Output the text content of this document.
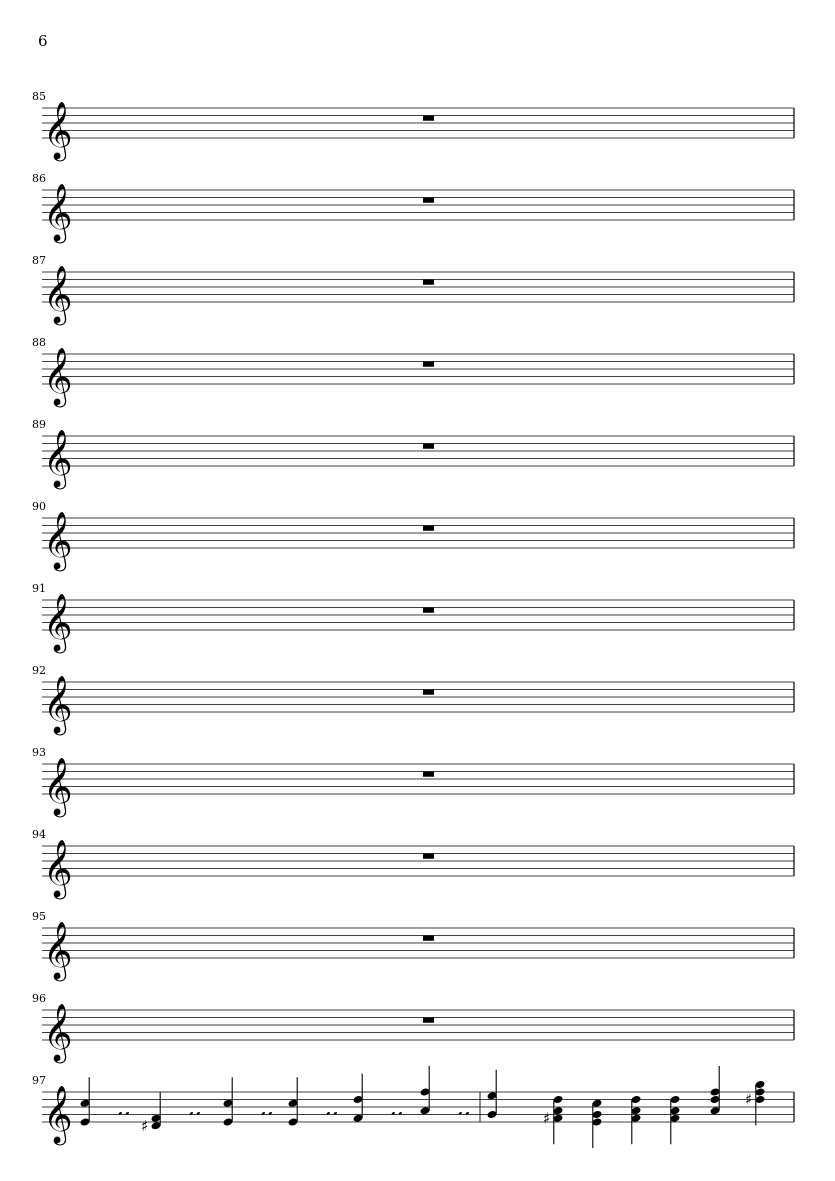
6
𝄞
85
𝄞
86
𝄞
87
𝄞
88
𝄞
89
𝄞
90
𝄞
91
𝄞
92
𝄞
93
𝄞
94
𝄞
95
𝄞
96
𝄞
97
𝅘 𝅘
♯
𝅘 𝅘	𝅘 𝅘	𝅘 𝅘	𝅘 𝅘	𝅘 𝅘	♯
♯
